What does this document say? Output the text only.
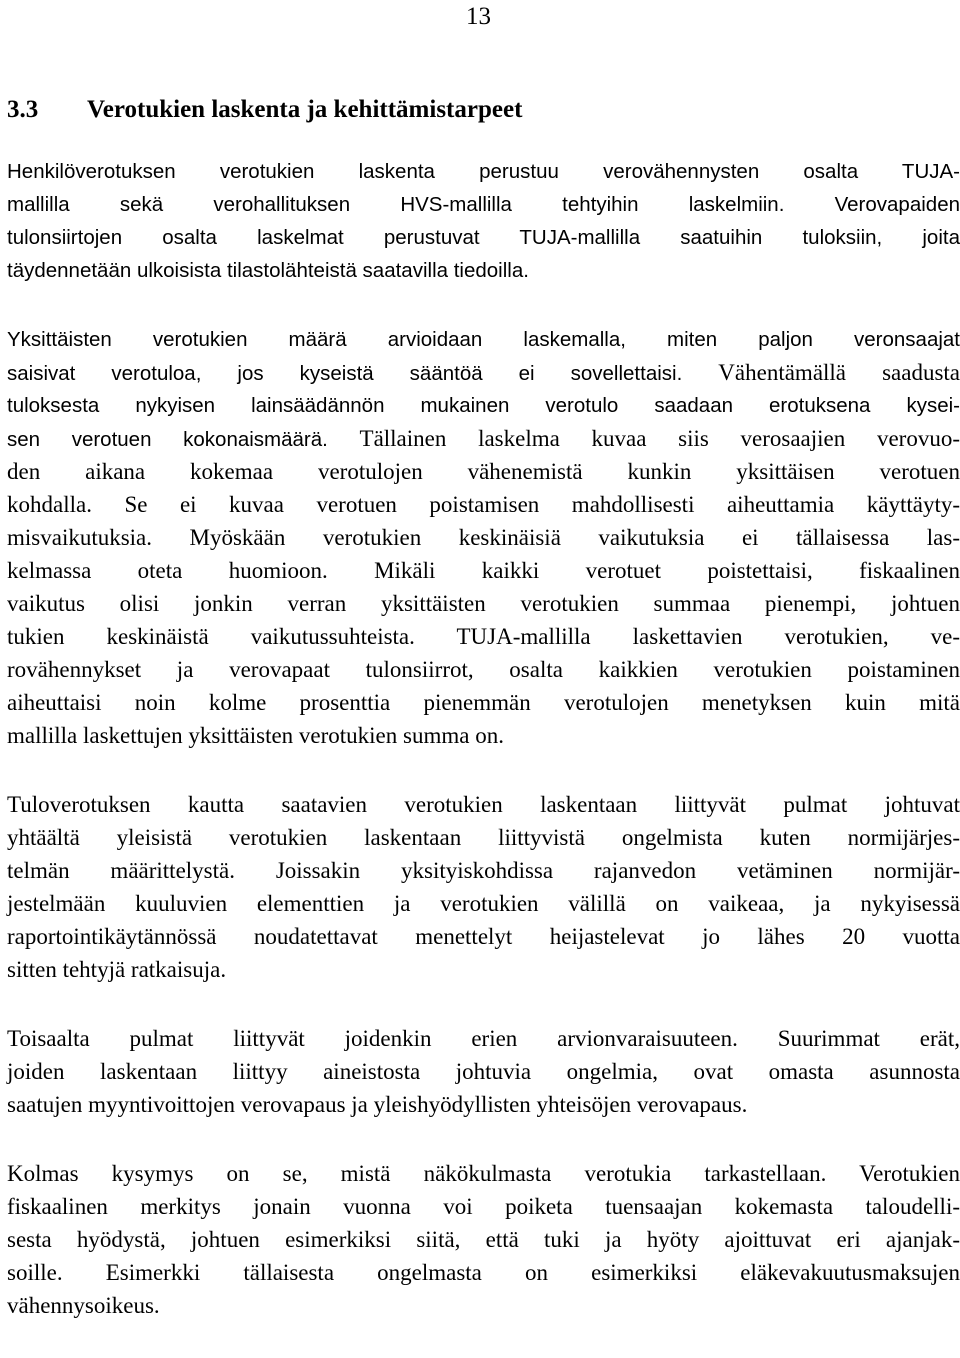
13
3.3 Verotukien laskenta ja kehittämistarpeet
Henkilöverotuksen verotukien laskenta perustuu verovähennysten osalta TUJA-
mallilla sekä verohallituksen HVS-mallilla tehtyihin laskelmiin. Verovapaiden
tulonsiirtojen osalta laskelmat perustuvat TUJA-mallilla saatuihin tuloksiin, joita
täydennetään ulkoisista tilastolähteistä saatavilla tiedoilla.
Yksittäisten verotukien määrä arvioidaan laskemalla, miten paljon veronsaajat
saisivat verotuloa, jos kyseistä sääntöä ei sovellettaisi. Vähentämällä saadusta
tuloksesta nykyisen lainsäädännön mukainen verotulo saadaan erotuksena kysei-
sen verotuen kokonaismäärä. Tällainen laskelma kuvaa siis verosaajien verovuo-
den aikana kokemaa verotulojen vähenemistä kunkin yksittäisen verotuen
kohdalla. Se ei kuvaa verotuen poistamisen mahdollisesti aiheuttamia käyttäyty-
misvaikutuksia. Myöskään verotukien keskinäisiä vaikutuksia ei tällaisessa las-
kelmassa oteta huomioon. Mikäli kaikki verotuet poistettaisi, fiskaalinen
vaikutus olisi jonkin verran yksittäisten verotukien summaa pienempi, johtuen
tukien keskinäistä vaikutussuhteista. TUJA-mallilla laskettavien verotukien, ve-
rovähennykset ja verovapaat tulonsiirrot, osalta kaikkien verotukien poistaminen
aiheuttaisi noin kolme prosenttia pienemmän verotulojen menetyksen kuin mitä
mallilla laskettujen yksittäisten verotukien summa on.
Tuloverotuksen kautta saatavien verotukien laskentaan liittyvät pulmat johtuvat
yhtäältä yleisistä verotukien laskentaan liittyvistä ongelmista kuten normijärjes-
telmän määrittelystä. Joissakin yksityiskohdissa rajanvedon vetäminen normijär-
jestelmään kuuluvien elementtien ja verotukien välillä on vaikeaa, ja nykyisessä
raportointikäytännössä noudatettavat menettelyt heijastelevat jo lähes 20 vuotta
sitten tehtyjä ratkaisuja.
Toisaalta pulmat liittyvät joidenkin erien arvionvaraisuuteen. Suurimmat erät,
joiden laskentaan liittyy aineistosta johtuvia ongelmia, ovat omasta asunnosta
saatujen myyntivoittojen verovapaus ja yleishyödyllisten yhteisöjen verovapaus.
Kolmas kysymys on se, mistä näkökulmasta verotukia tarkastellaan. Verotukien
fiskaalinen merkitys jonain vuonna voi poiketa tuensaajan kokemasta taloudelli-
sesta hyödystä, johtuen esimerkiksi siitä, että tuki ja hyöty ajoittuvat eri ajanjak-
soille. Esimerkki tällaisesta ongelmasta on esimerkiksi eläkevakuutusmaksujen
vähennysoikeus.
